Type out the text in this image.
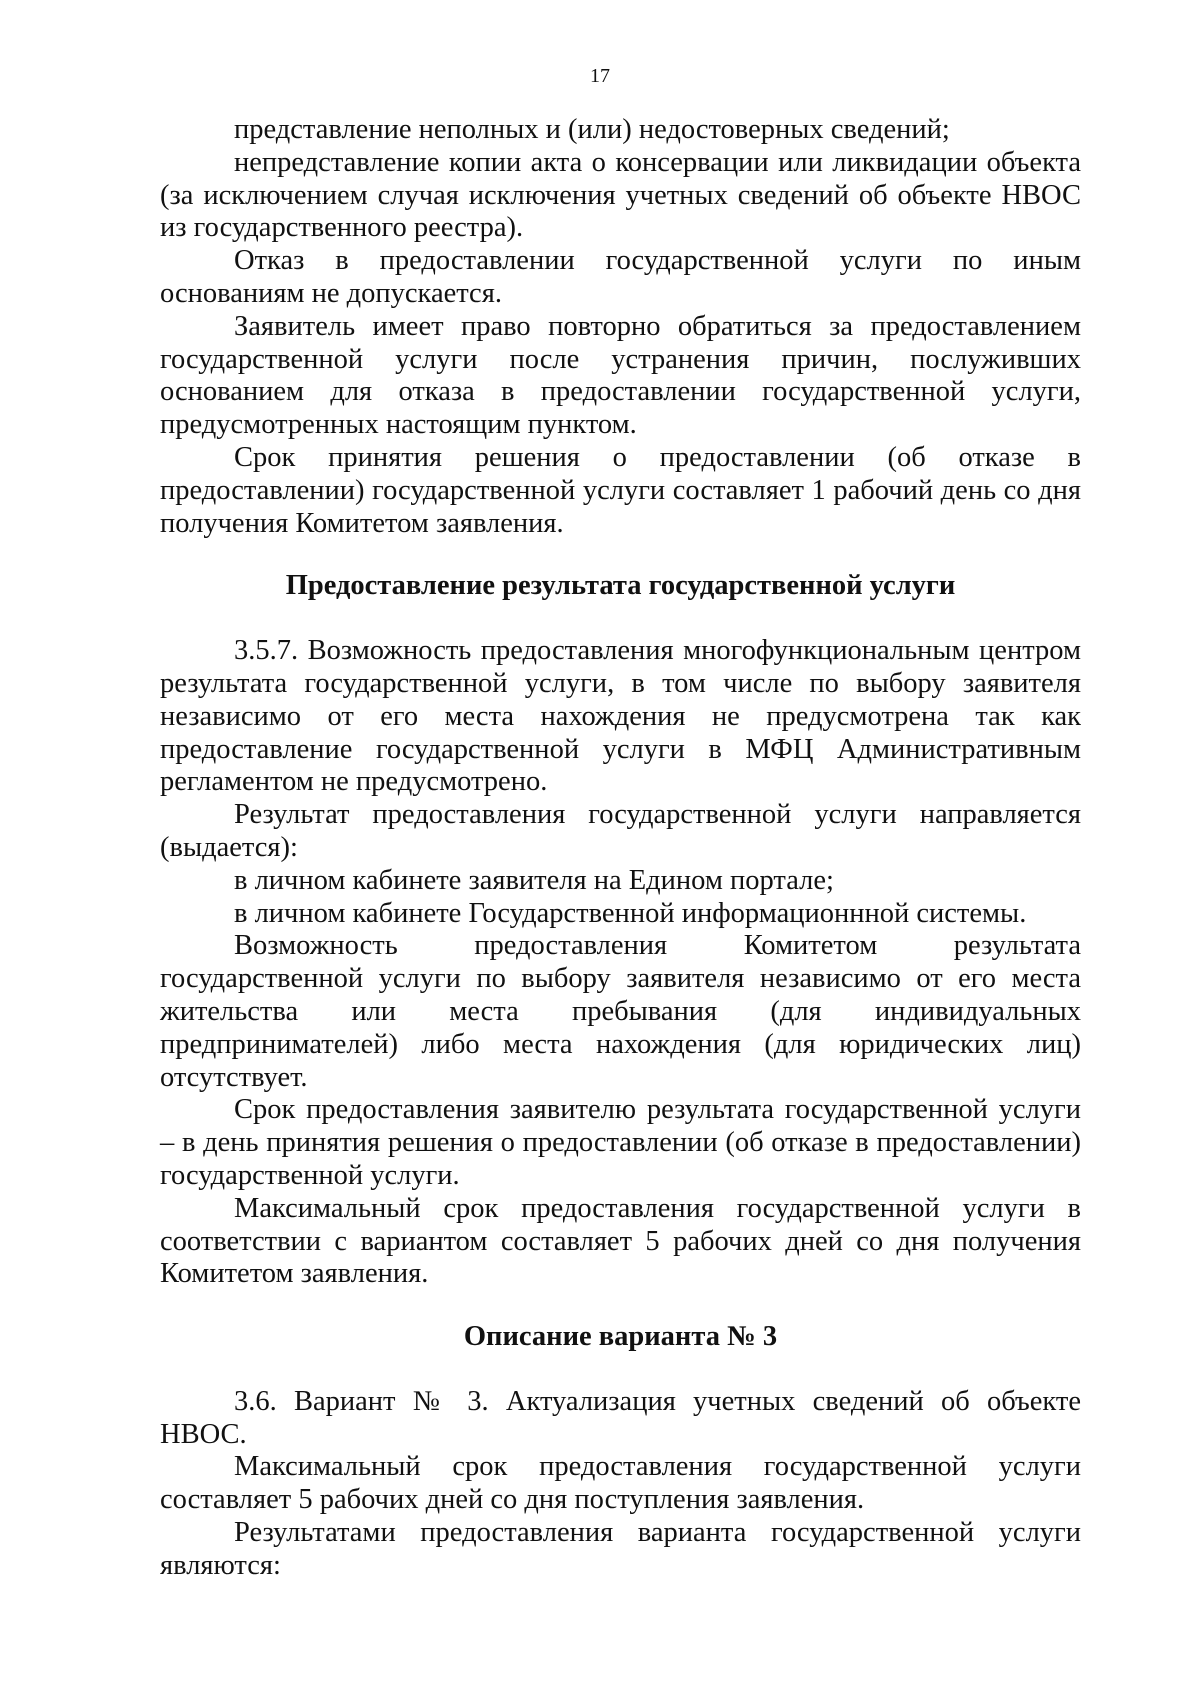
17

представление неполных и (или) недостоверных сведений;

непредставление копии акта о консервации или ликвидации объекта (за исключением случая исключения учетных сведений об объекте НВОС из государственного реестра).

Отказ в предоставлении государственной услуги по иным основаниям не допускается.

Заявитель имеет право повторно обратиться за предоставлением государственной услуги после устранения причин, послуживших основанием для отказа в предоставлении государственной услуги, предусмотренных настоящим пунктом.

Срок принятия решения о предоставлении (об отказе в предоставлении) государственной услуги составляет 1 рабочий день со дня получения Комитетом заявления.

Предоставление результата государственной услуги

3.5.7. Возможность предоставления многофункциональным центром результата государственной услуги, в том числе по выбору заявителя независимо от его места нахождения не предусмотрена так как предоставление государственной услуги в МФЦ Административным регламентом не предусмотрено.

Результат предоставления государственной услуги направляется (выдается):

в личном кабинете заявителя на Едином портале;

в личном кабинете Государственной информационнной системы.

Возможность предоставления Комитетом результата государственной услуги по выбору заявителя независимо от его места жительства или места пребывания (для индивидуальных предпринимателей) либо места нахождения (для юридических лиц) отсутствует.

Срок предоставления заявителю результата государственной услуги – в день принятия решения о предоставлении (об отказе в предоставлении) государственной услуги.

Максимальный срок предоставления государственной услуги в соответствии с вариантом составляет 5 рабочих дней со дня получения Комитетом заявления.

Описание варианта № 3

3.6. Вариант № 3. Актуализация учетных сведений об объекте НВОС.

Максимальный срок предоставления государственной услуги составляет 5 рабочих дней со дня поступления заявления.

Результатами предоставления варианта государственной услуги являются:
